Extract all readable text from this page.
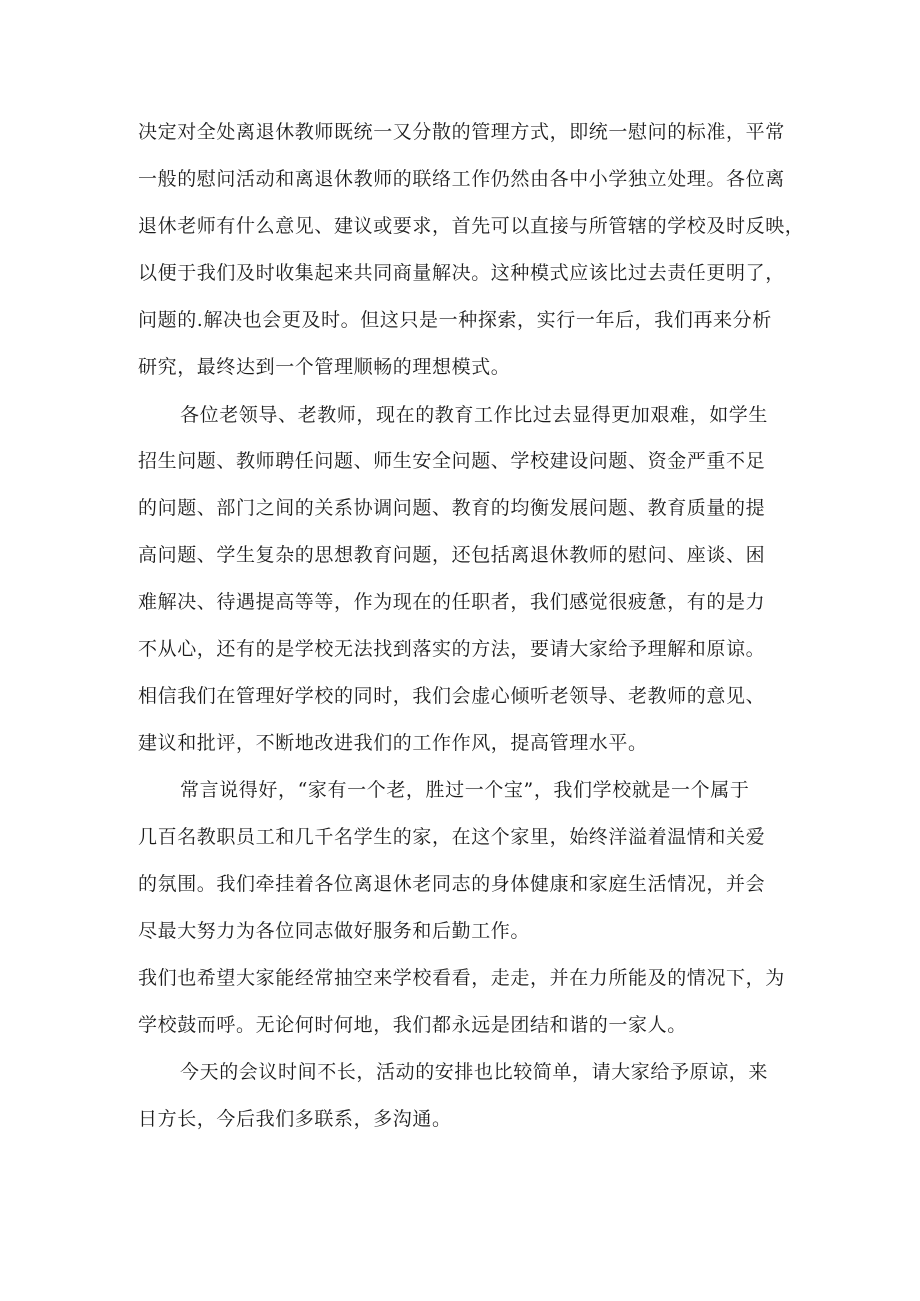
决定对全处离退休教师既统一又分散的管理方式，即统一慰问的标准，平常

一般的慰问活动和离退休教师的联络工作仍然由各中小学独立处理。各位离

退休老师有什么意见、建议或要求，首先可以直接与所管辖的学校及时反映，

以便于我们及时收集起来共同商量解决。这种模式应该比过去责任更明了，

问题的.解决也会更及时。但这只是一种探索，实行一年后，我们再来分析

研究，最终达到一个管理顺畅的理想模式。

各位老领导、老教师，现在的教育工作比过去显得更加艰难，如学生

招生问题、教师聘任问题、师生安全问题、学校建设问题、资金严重不足

的问题、部门之间的关系协调问题、教育的均衡发展问题、教育质量的提

高问题、学生复杂的思想教育问题，还包括离退休教师的慰问、座谈、困

难解决、待遇提高等等，作为现在的任职者，我们感觉很疲惫，有的是力

不从心，还有的是学校无法找到落实的方法，要请大家给予理解和原谅。

相信我们在管理好学校的同时，我们会虚心倾听老领导、老教师的意见、

建议和批评，不断地改进我们的工作作风，提高管理水平。

常言说得好，“家有一个老，胜过一个宝”，我们学校就是一个属于

几百名教职员工和几千名学生的家，在这个家里，始终洋溢着温情和关爱

的氛围。我们牵挂着各位离退休老同志的身体健康和家庭生活情况，并会

尽最大努力为各位同志做好服务和后勤工作。

我们也希望大家能经常抽空来学校看看，走走，并在力所能及的情况下，为

学校鼓而呼。无论何时何地，我们都永远是团结和谐的一家人。

今天的会议时间不长，活动的安排也比较简单，请大家给予原谅，来

日方长，今后我们多联系，多沟通。
